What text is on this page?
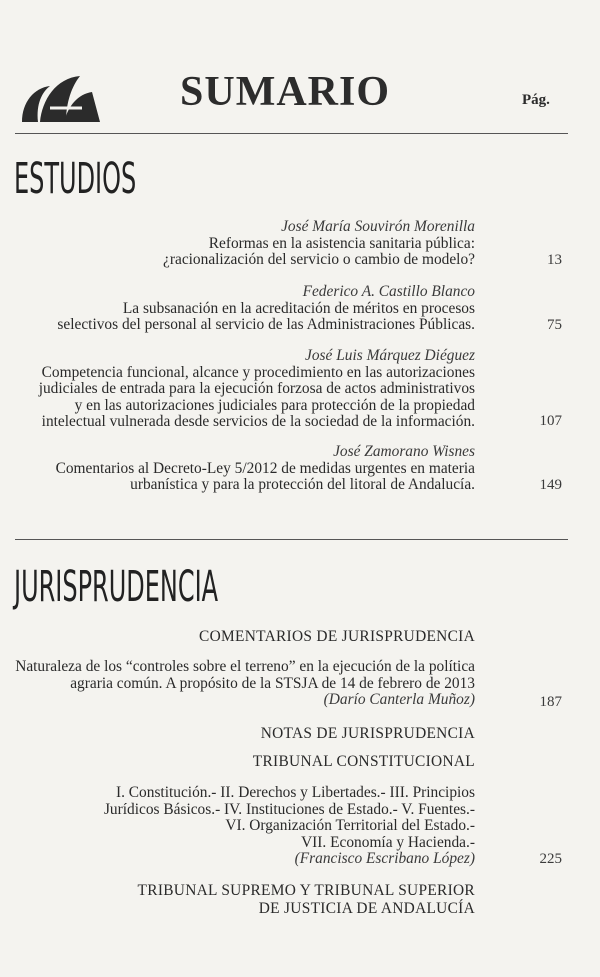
SUMARIO	Pág.
ESTUDIOS
José María Souvirón Morenilla
Reformas en la asistencia sanitaria pública:
¿racionalización del servicio o cambio de modelo?	13
Federico A. Castillo Blanco
La subsanación en la acreditación de méritos en procesos
selectivos del personal al servicio de las Administraciones Públicas.	75
José Luis Márquez Diéguez
Competencia funcional, alcance y procedimiento en las autorizaciones
judiciales de entrada para la ejecución forzosa de actos administrativos
y en las autorizaciones judiciales para protección de la propiedad
intelectual vulnerada desde servicios de la sociedad de la información.	107
José Zamorano Wisnes
Comentarios al Decreto-Ley 5/2012 de medidas urgentes en materia
urbanística y para la protección del litoral de Andalucía.	149
JURISPRUDENCIA
COMENTARIOS DE JURISPRUDENCIA
Naturaleza de los “controles sobre el terreno” en la ejecución de la política
agraria común. A propósito de la STSJA de 14 de febrero de 2013
(Darío Canterla Muñoz)	187
NOTAS DE JURISPRUDENCIA
TRIBUNAL CONSTITUCIONAL
I. Constitución.- II. Derechos y Libertades.- III. Principios
Jurídicos Básicos.- IV. Instituciones de Estado.- V. Fuentes.-
VI. Organización Territorial del Estado.-
VII. Economía y Hacienda.-
(Francisco Escribano López)	225
TRIBUNAL SUPREMO Y TRIBUNAL SUPERIOR
DE JUSTICIA DE ANDALUCÍA
